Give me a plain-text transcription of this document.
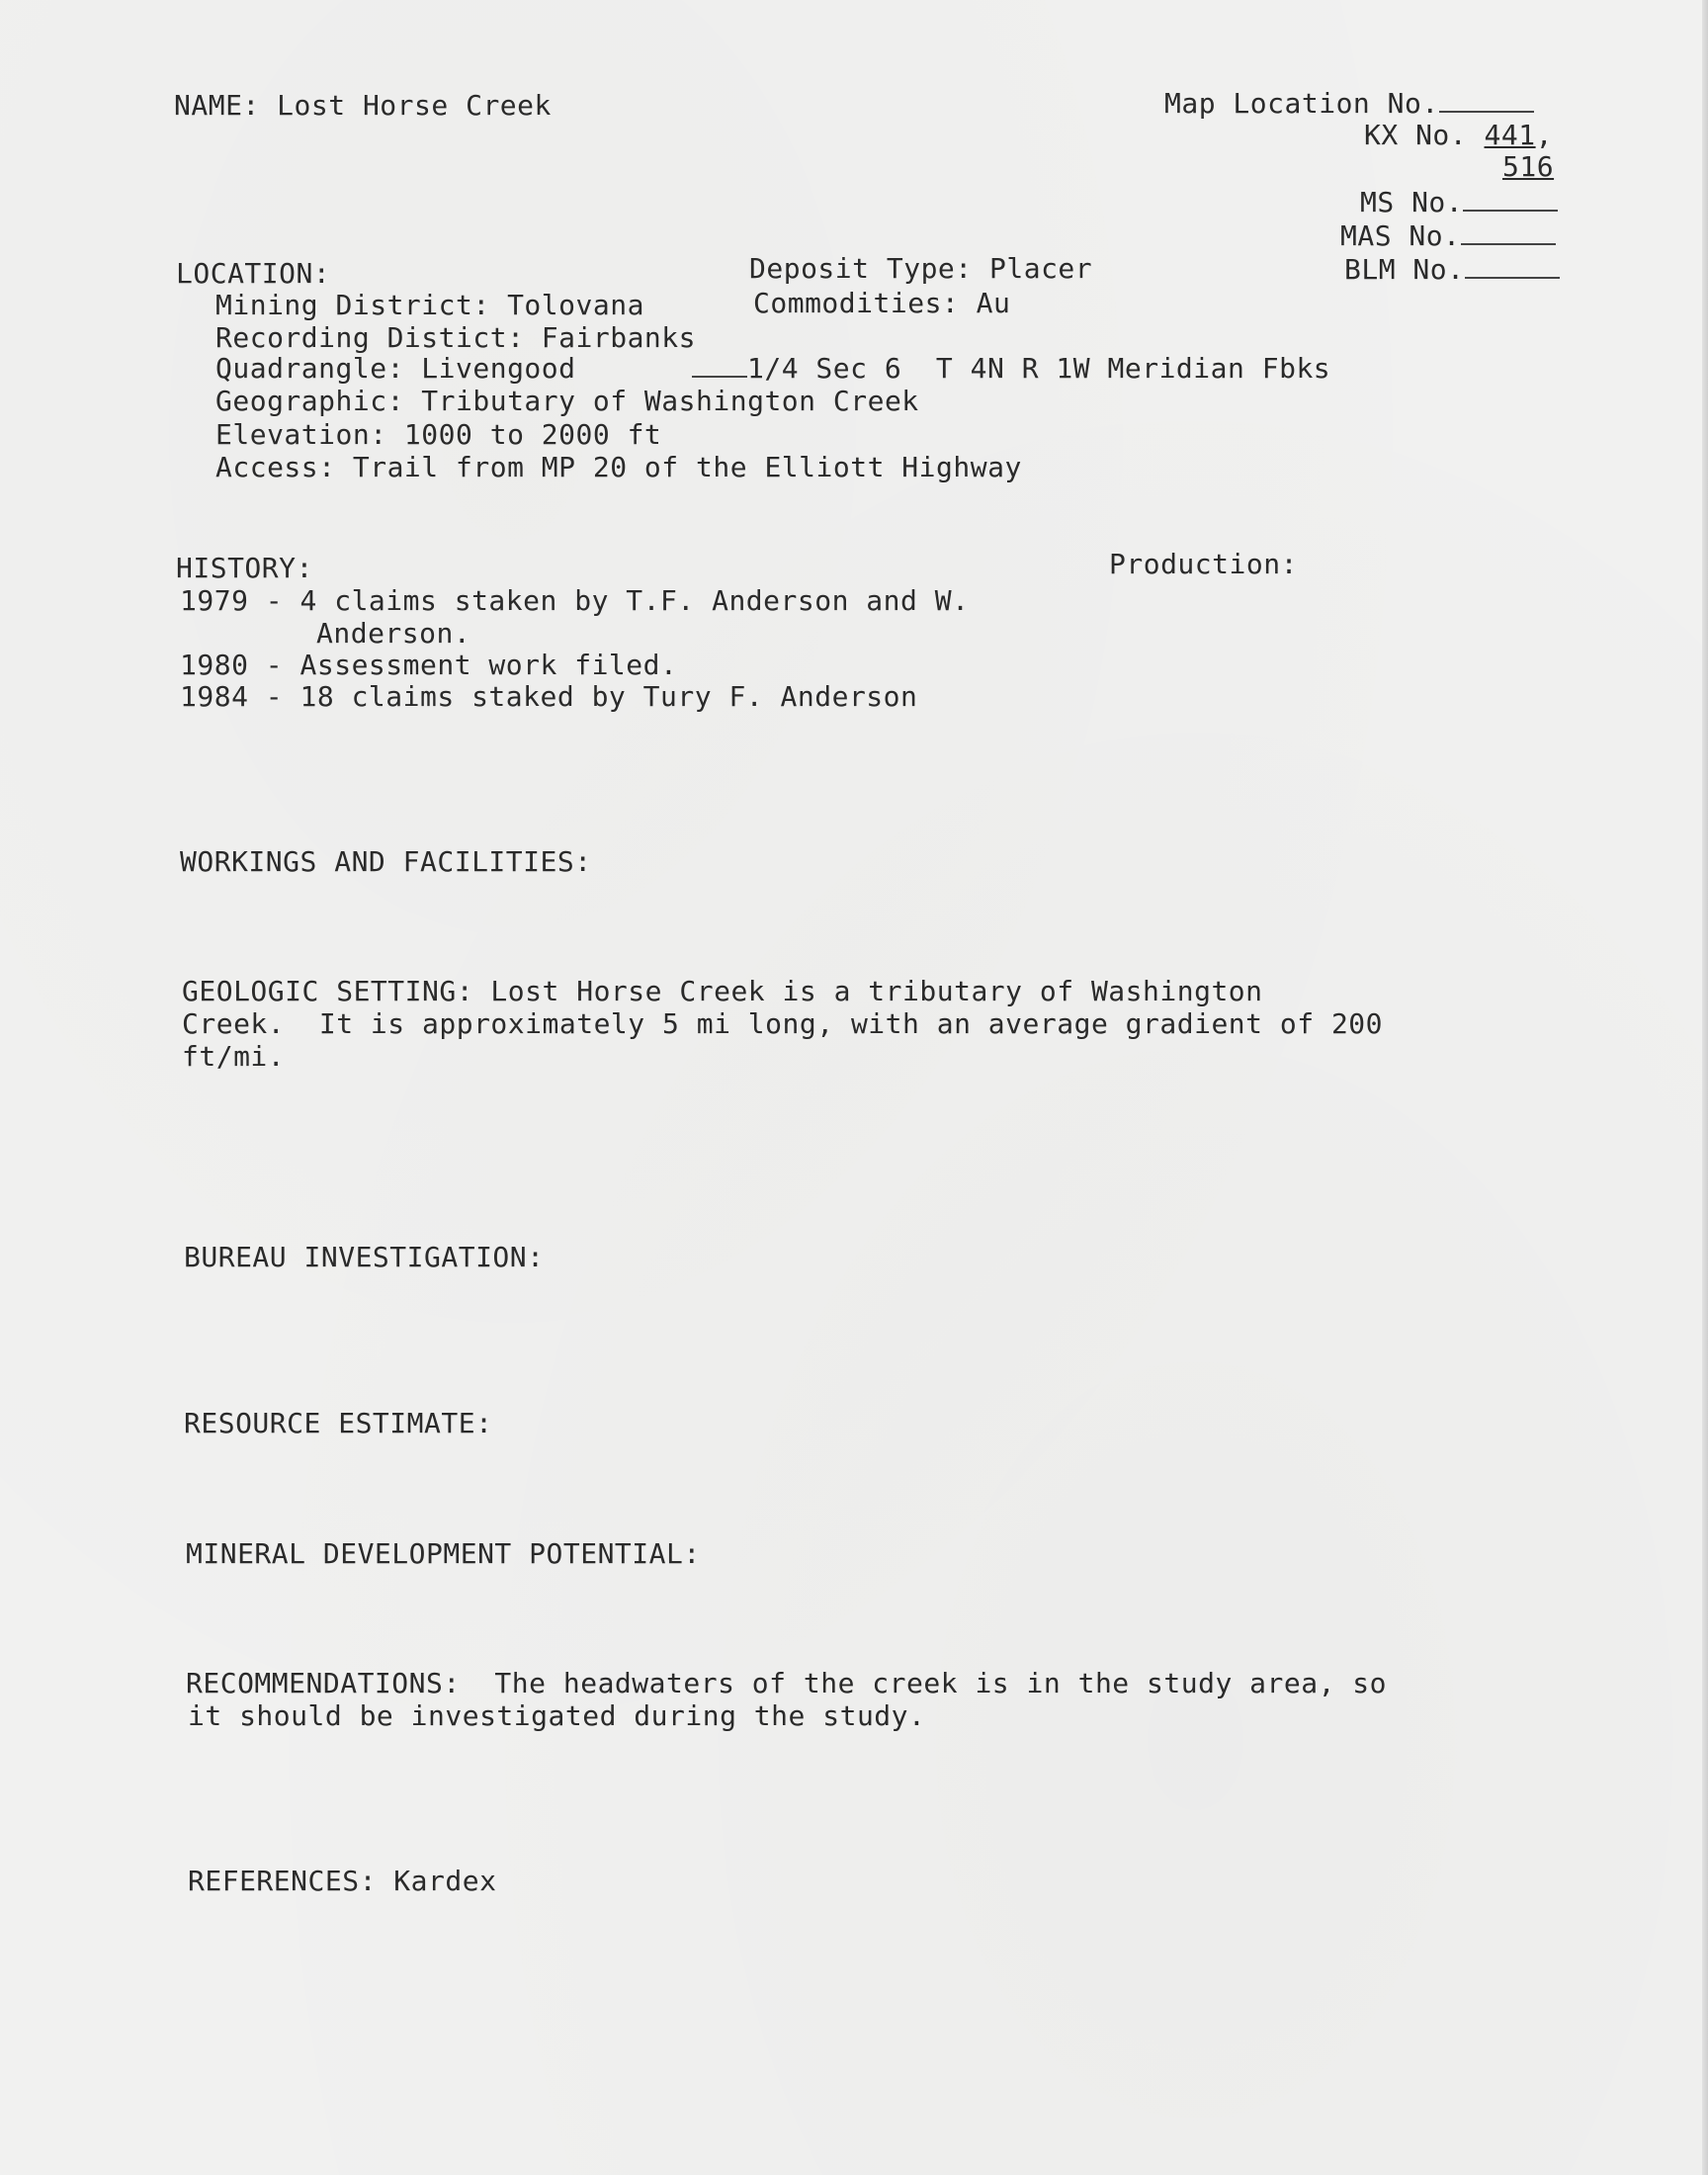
NAME: Lost Horse Creek	Map Location No.
KX No. 441,
516
MS No.
MAS No.
BLM No.
LOCATION:	Deposit Type: Placer
Mining District: Tolovana	Commodities: Au
Recording Distict: Fairbanks
Quadrangle: Livengood	1/4 Sec 6  T 4N R 1W Meridian Fbks
Geographic: Tributary of Washington Creek
Elevation: 1000 to 2000 ft
Access: Trail from MP 20 of the Elliott Highway
HISTORY:	Production:
1979 - 4 claims staken by T.F. Anderson and W.
Anderson.
1980 - Assessment work filed.
1984 - 18 claims staked by Tury F. Anderson
WORKINGS AND FACILITIES:
GEOLOGIC SETTING: Lost Horse Creek is a tributary of Washington
Creek.  It is approximately 5 mi long, with an average gradient of 200
ft/mi.
BUREAU INVESTIGATION:
RESOURCE ESTIMATE:
MINERAL DEVELOPMENT POTENTIAL:
RECOMMENDATIONS:  The headwaters of the creek is in the study area, so
it should be investigated during the study.
REFERENCES: Kardex
